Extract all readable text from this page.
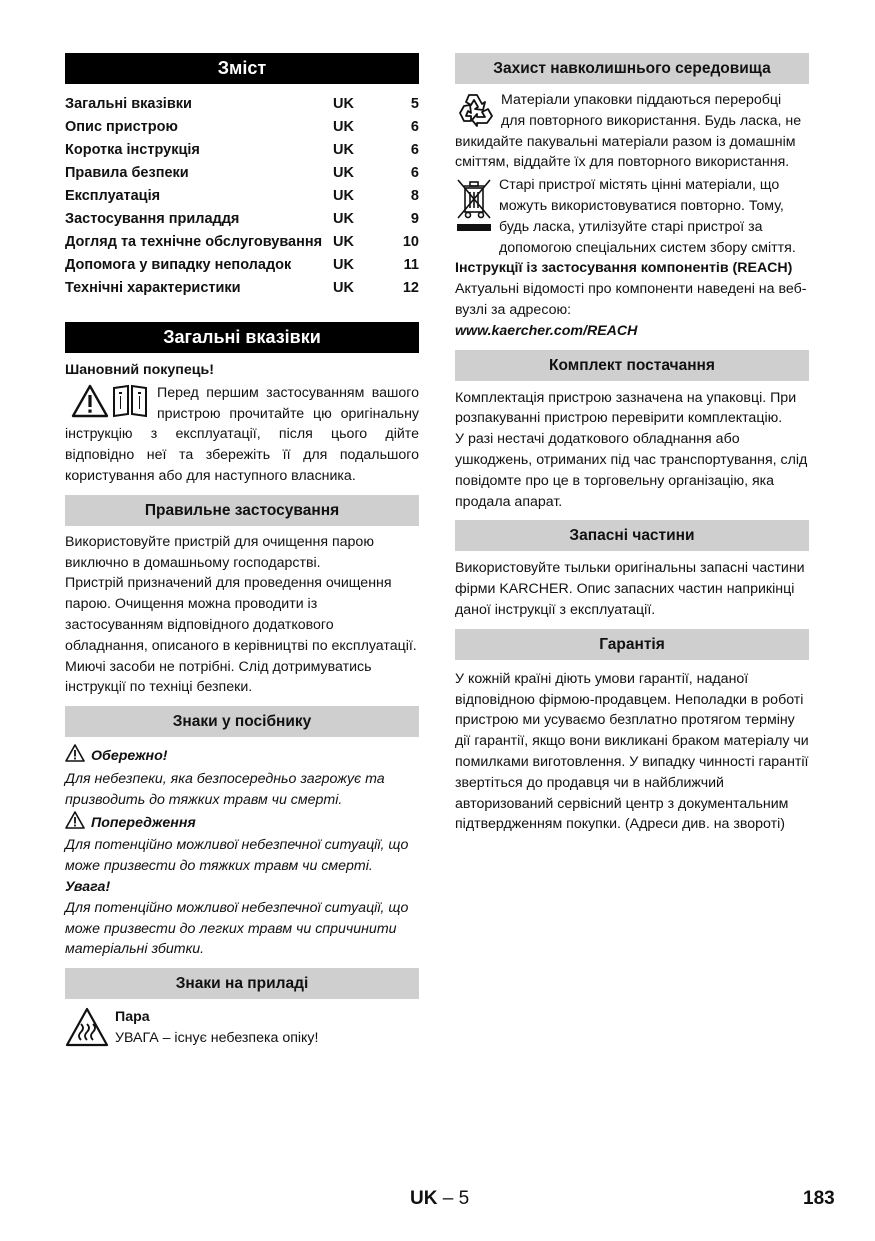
Зміст
Загальні вказівки	UK	5
Опис пристрою	UK	6
Коротка інструкція	UK	6
Правила безпеки	UK	6
Експлуатація	UK	8
Застосування приладдя	UK	9
Догляд та технічне обслуговування UK	10
Допомога у випадку неполадок	UK	11
Технічні характеристики	UK	12
Загальні вказівки

Шановний покупець!

Перед першим застосуванням вашого пристрою прочитайте цю оригінальну інструкцію з експлуатації, після цього дійте відповідно неї та збережіть її для подальшого користування або для наступного власника.

Правильне застосування

Використовуйте пристрій для очищення парою виключно в домашньому господарстві.

Пристрій призначений для проведення очищення парою. Очищення можна проводити із застосуванням відповідного додаткового обладнання, описаного в керівництві по експлуатації. Миючі засоби не потрібні. Слід дотримуватись інструкції по техніці безпеки.

Знаки у посібнику
Обережно!

Для небезпеки, яка безпосередньо загрожує та призводить до тяжких травм чи смерті.

Попередження

Для потенційно можливої небезпечної ситуації, що може призвести до тяжких травм чи смерті.

Увага!

Для потенційно можливої небезпечної ситуації, що може призвести до легких травм чи спричинити матеріальні збитки.

Знаки на приладі

Пара

УВАГА – існує небезпека опіку!

Захист навколишнього середовища

Матеріали упаковки піддаються переробці для повторного використання. Будь ласка, не викидайте пакувальні матеріали разом із домашнім сміттям, віддайте їх для повторного використання.

Старі пристрої містять цінні матеріали, що можуть використовуватися повторно. Тому, будь ласка, утилізуйте старі пристрої за допомогою спеціальних систем збору сміття.

Інструкції із застосування компонентів (REACH)

Актуальні відомості про компоненти наведені на веб-вузлі за адресою:

www.kaercher.com/REACH

Комплект постачання

Комплектація пристрою зазначена на упаковці. При розпакуванні пристрою перевірити комплектацію.

У разі нестачі додаткового обладнання або ушкоджень, отриманих під час транспортування, слід повідомте про це в торговельну організацію, яка продала апарат.

Запасні частини

Використовуйте тыльки оригінальны запасні частини фірми KARCHER. Опис запасних частин наприкінці даної інструкції з експлуатації.

Гарантія

У кожній країні діють умови гарантії, наданої відповідною фірмою-продавцем. Неполадки в роботі пристрою ми усуваємо безплатно протягом терміну дії гарантії, якщо вони викликані браком матеріалу чи помилками виготовлення. У випадку чинності гарантії звертіться до продавця чи в найближчий авторизований сервісний центр з документальним підтвердженням покупки. (Адреси див. на звороті)

UK – 5	183
